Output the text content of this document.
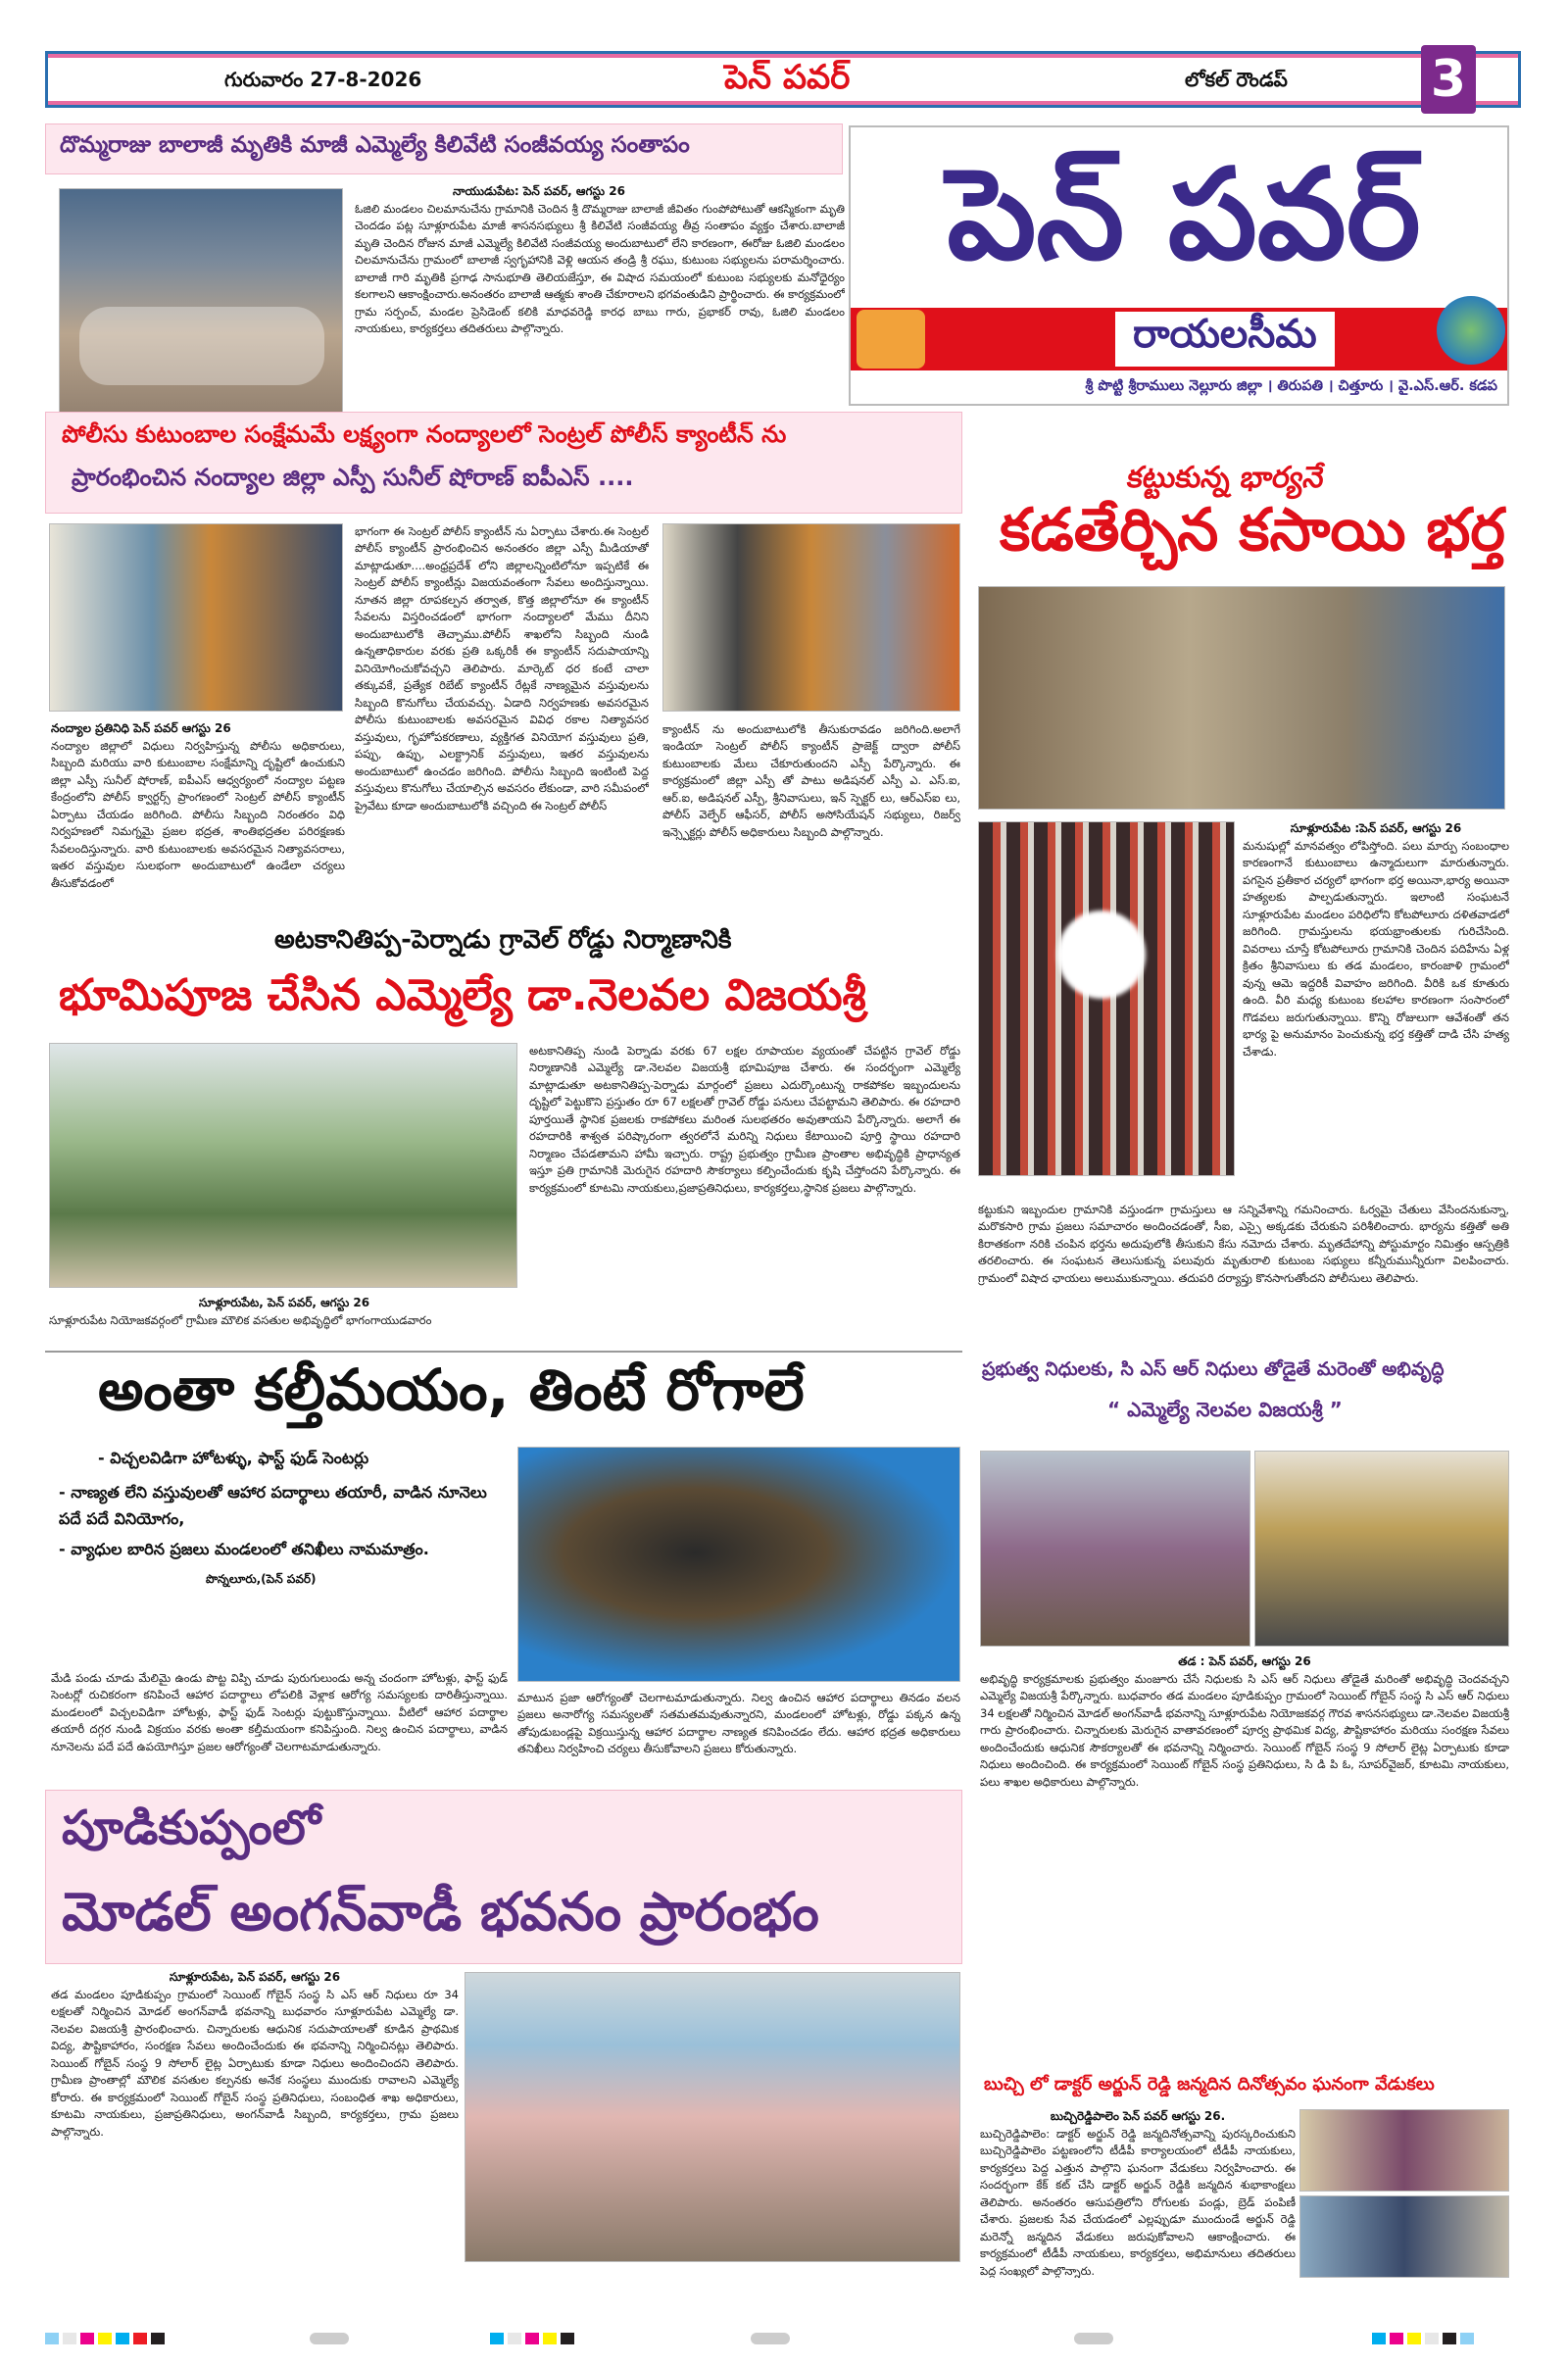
గురువారం 27-8-2026	పెన్ పవర్	లోకల్ రౌండప్	3
దొమ్మరాజు బాలాజీ మృతికి మాజీ ఎమ్మెల్యే కిలివేటి సంజీవయ్య సంతాపం
నాయుడుపేట: పెన్ పవర్, ఆగస్టు 26
ఓజిలి మండలం చిలమానుచేను గ్రామానికి చెందిన శ్రీ దొమ్మరాజు బాలాజీ జీవితం గుంపోపోటుతో ఆకస్మికంగా మృతి చెందడం పట్ల సూళ్లూరుపేట మాజీ శాసనసభ్యులు శ్రీ కిలివేటి సంజీవయ్య తీవ్ర సంతాపం వ్యక్తం చేశారు.బాలాజీ మృతి చెందిన రోజున మాజీ ఎమ్మెల్యే కిలివేటి సంజీవయ్య అందుబాటులో లేని కారణంగా, ఈరోజు ఓజిలి మండలం చిలమానుచేను గ్రామంలో బాలాజీ స్వగృహానికి వెళ్లి ఆయన తండ్రి శ్రీ రఘు, కుటుంబ సభ్యులను పరామర్శించారు. బాలాజీ గారి మృతికి ప్రగాఢ సానుభూతి తెలియజేస్తూ, ఈ విషాద సమయంలో కుటుంబ సభ్యులకు మనోధైర్యం కలగాలని ఆకాంక్షించారు.అనంతరం బాలాజీ ఆత్మకు శాంతి చేకూరాలని భగవంతుడిని ప్రార్థించారు. ఈ కార్యక్రమంలో గ్రామ సర్పంచ్, మండల ప్రెసిడెంట్ కలికి మాధవరెడ్డి కారధ బాబు గారు, ప్రభాకర్ రావు, ఓజిలి మండలం నాయకులు, కార్యకర్తలు తదితరులు పాల్గొన్నారు.
పెన్ పవర్
రాయలసీమ
శ్రీ పొట్టి శ్రీరాములు నెల్లూరు జిల్లా । తిరుపతి । చిత్తూరు । వై.ఎస్.ఆర్. కడప
పోలీసు కుటుంబాల సంక్షేమమే లక్ష్యంగా నంద్యాలలో సెంట్రల్ పోలీస్ క్యాంటీన్ ను
ప్రారంభించిన నంద్యాల జిల్లా ఎస్పీ సునీల్ షోరాణ్ ఐపీఎస్ ....
నంద్యాల ప్రతినిధి పెన్ పవర్ ఆగస్టు 26
నంద్యాల జిల్లాలో విధులు నిర్వహిస్తున్న పోలీసు అధికారులు, సిబ్బంది మరియు వారి కుటుంబాల సంక్షేమాన్ని దృష్టిలో ఉంచుకుని జిల్లా ఎస్పీ సునీల్ షోరాణ్, ఐపీఎస్ ఆధ్వర్యంలో నంద్యాల పట్టణ కేంద్రంలోని పోలీస్ క్వార్టర్స్ ప్రాంగణంలో సెంట్రల్ పోలీస్ క్యాంటీన్ ఏర్పాటు చేయడం జరిగింది. పోలీసు సిబ్బంది నిరంతరం విధి నిర్వహణలో నిమగ్నమై ప్రజల భద్రత, శాంతిభద్రతల పరిరక్షణకు సేవలందిస్తున్నారు. వారి కుటుంబాలకు అవసరమైన నిత్యావసరాలు, ఇతర వస్తువుల సులభంగా అందుబాటులో ఉండేలా చర్యలు తీసుకోవడంలో
భాగంగా ఈ సెంట్రల్ పోలీస్ క్యాంటీన్ ను ఏర్పాటు చేశారు.ఈ సెంట్రల్ పోలీస్ క్యాంటీన్ ప్రారంభించిన అనంతరం జిల్లా ఎస్పీ మీడియాతో మాట్లాడుతూ....అంధ్రప్రదేశ్ లోని జిల్లాలన్నింటిలోనూ ఇప్పటికే ఈ సెంట్రల్ పోలీస్ క్యాంటీన్లు విజయవంతంగా సేవలు అందిస్తున్నాయి. నూతన జిల్లా రూపకల్పన తర్వాత, కొత్త జిల్లాలోనూ ఈ క్యాంటీన్ సేవలను విస్తరించడంలో భాగంగా నంద్యాలలో మేము దీనిని అందుబాటులోకి తెచ్చాము.పోలీస్ శాఖలోని సిబ్బంది నుండి ఉన్నతాధికారుల వరకు ప్రతి ఒక్కరికీ ఈ క్యాంటీన్ సదుపాయాన్ని వినియోగించుకోవచ్చని తెలిపారు. మార్కెట్ ధర కంటే చాలా తక్కువకే, ప్రత్యేక రిబేట్ క్యాంటీన్ రేట్లకే నాణ్యమైన వస్తువులను సిబ్బంది కొనుగోలు చేయవచ్చు. ఏడాది నిర్వహణకు అవసరమైన పోలీసు కుటుంబాలకు అవసరమైన వివిధ రకాల నిత్యావసర వస్తువులు, గృహోపకరణాలు, వ్యక్తిగత వినియోగ వస్తువులు ప్రతి, పప్పు, ఉప్పు, ఎలక్ట్రానిక్ వస్తువులు, ఇతర వస్తువులను అందుబాటులో ఉంచడం జరిగింది. పోలీసు సిబ్బంది ఇంటింటి పెద్ద వస్తువులు కొనుగోలు చేయాల్సిన అవసరం లేకుండా, వారి సమీపంలో ప్రైవేటు కూడా అందుబాటులోకి వచ్చింది ఈ సెంట్రల్ పోలీస్
క్యాంటీన్ ను అందుబాటులోకి తీసుకురావడం జరిగింది.అలాగే ఇండియా సెంట్రల్ పోలీస్ క్యాంటీన్ ప్రాజెక్ట్ ద్వారా పోలీస్ కుటుంబాలకు మేలు చేకూరుతుందని ఎస్పీ పేర్కొన్నారు. ఈ కార్యక్రమంలో జిల్లా ఎస్పీ తో పాటు అడిషనల్ ఎస్పీ ఎ. ఎస్.ఐ, ఆర్.ఐ, అడిషనల్ ఎస్పీ, శ్రీనివాసులు, ఇన్ స్పెక్టర్ లు, ఆర్ఎస్ఐ లు, పోలీస్ వెల్ఫేర్ ఆఫీసర్, పోలీస్ అసోసియేషన్ సభ్యులు, రిజర్వ్ ఇన్స్పెక్టర్లు పోలీస్ అధికారులు సిబ్బంది పాల్గొన్నారు.
కట్టుకున్న భార్యనే
కడతేర్చిన కసాయి భర్త
సూళ్లూరుపేట :పెన్ పవర్, ఆగస్టు 26
మనుషుల్లో మానవత్వం లోపిస్తోంది. పలు మార్పు సంబంధాల కారణంగానే కుటుంబాలు ఉన్మాదులుగా మారుతున్నారు. పగసైన ప్రతీకార చర్యలో భాగంగా భర్త అయినా,భార్య అయినా హత్యలకు పాల్పడుతున్నారు. ఇలాంటి సంఘటనే సూళ్లూరుపేట మండలం పరిధిలోని కోటపోలూరు దళితవాడలో జరిగింది. గ్రామస్తులను భయభ్రాంతులకు గురిచేసింది. వివరాలు చూస్తే కోటపోలూరు గ్రామానికి చెందిన పదిహేను ఏళ్ల క్రితం శ్రీనివాసులు కు తడ మండలం, కారంజాళి గ్రామంలో వున్న ఆమె ఇద్దరికీ వివాహం జరిగింది. వీరికి ఒక కూతురు ఉంది. వీరి మధ్య కుటుంబ కలహాల కారణంగా సంసారంలో గొడవలు జరుగుతున్నాయి. కొన్ని రోజులుగా ఆవేశంతో తన భార్య పై అనుమానం పెంచుకున్న భర్త కత్తితో దాడి చేసి హత్య చేశాడు.
కట్టుకుని ఇబ్బందుల గ్రామానికి వస్తుండగా గ్రామస్తులు ఆ సన్నివేశాన్ని గమనించారు. ఓర్వమై చేతులు వేసిందనుకున్నా, మరొకసారి గ్రామ ప్రజలు సమాచారం అందించడంతో, సీఐ, ఎస్సై అక్కడకు చేరుకుని పరిశీలించారు. భార్యను కత్తితో అతి కిరాతకంగా నరికి చంపిన భర్తను అదుపులోకి తీసుకుని కేసు నమోదు చేశారు. మృతదేహాన్ని పోస్టుమార్టం నిమిత్తం ఆస్పత్రికి తరలించారు. ఈ సంఘటన తెలుసుకున్న పలువురు మృతురాలి కుటుంబ సభ్యులు కన్నీరుమున్నీరుగా విలపించారు. గ్రామంలో విషాద ఛాయలు అలుముకున్నాయి. తదుపరి దర్యాప్తు కొనసాగుతోందని పోలీసులు తెలిపారు.
అటకానితిప్ప-పెర్నాడు గ్రావెల్ రోడ్డు నిర్మాణానికి
భూమిపూజ చేసిన ఎమ్మెల్యే డా.నెలవల విజయశ్రీ
సూళ్లూరుపేట, పెన్ పవర్, ఆగస్టు 26
సూళ్లూరుపేట నియోజకవర్గంలో గ్రామీణ మౌలిక వసతుల అభివృద్ధిలో భాగంగాయుడవారం
అటకానితిప్ప నుండి పెర్నాడు వరకు 67 లక్షల రూపాయల వ్యయంతో చేపట్టిన గ్రావెల్ రోడ్డు నిర్మాణానికి ఎమ్మెల్యే డా.నెలవల విజయశ్రీ భూమిపూజ చేశారు. ఈ సందర్భంగా ఎమ్మెల్యే మాట్లాడుతూ అటకానితిప్ప-పెర్నాడు మార్గంలో ప్రజలు ఎదుర్కొంటున్న రాకపోకల ఇబ్బందులను దృష్టిలో పెట్టుకొని ప్రస్తుతం రూ 67 లక్షలతో గ్రావెల్ రోడ్డు పనులు చేపట్టామని తెలిపారు. ఈ రహదారి పూర్తయితే స్థానిక ప్రజలకు రాకపోకలు మరింత సులభతరం అవుతాయని పేర్కొన్నారు. అలాగే ఈ రహదారికి శాశ్వత పరిష్కారంగా త్వరలోనే మరిన్ని నిధులు కేటాయించి పూర్తి స్థాయి రహదారి నిర్మాణం చేపడతామని హామీ ఇచ్చారు. రాష్ట్ర ప్రభుత్వం గ్రామీణ ప్రాంతాల అభివృద్ధికి ప్రాధాన్యత ఇస్తూ ప్రతి గ్రామానికి మెరుగైన రహదారి సౌకర్యాలు కల్పించేందుకు కృషి చేస్తోందని పేర్కొన్నారు. ఈ కార్యక్రమంలో కూటమి నాయకులు,ప్రజాప్రతినిధులు, కార్యకర్తలు,స్థానిక ప్రజలు పాల్గొన్నారు.
అంతా కల్తీమయం, తింటే రోగాలే
- విచ్చలవిడిగా హోటళ్ళు, ఫాస్ట్ ఫుడ్ సెంటర్లు
- నాణ్యత లేని వస్తువులతో ఆహార పదార్థాలు తయారీ, వాడిన నూనెలు పదే పదే వినియోగం,
- వ్యాధుల బారిన ప్రజలు మండలంలో తనిఖీలు నామమాత్రం.
పొన్నలూరు,(పెన్ పవర్)
మేడి పండు చూడు మేలిమై ఉండు పొట్ట విప్పి చూడు పురుగులుండు అన్న చందంగా హోటళ్లు, ఫాస్ట్ ఫుడ్ సెంటర్లో రుచికరంగా కనిపించే ఆహార పదార్థాలు లోపలికి వెళ్లాక ఆరోగ్య సమస్యలకు దారితీస్తున్నాయి. మండలంలో విచ్చలవిడిగా హోటళ్లు, ఫాస్ట్ ఫుడ్ సెంటర్లు పుట్టుకొస్తున్నాయి. వీటిలో ఆహార పదార్థాల తయారీ దగ్గర నుండి విక్రయం వరకు అంతా కల్తీమయంగా కనిపిస్తుంది. నిల్వ ఉంచిన పదార్థాలు, వాడిన నూనెలను పదే పదే ఉపయోగిస్తూ ప్రజల ఆరోగ్యంతో చెలగాటమాడుతున్నారు.
మాటున ప్రజా ఆరోగ్యంతో చెలగాటమాడుతున్నారు. నిల్వ ఉంచిన ఆహార పదార్థాలు తినడం వలన ప్రజలు అనారోగ్య సమస్యలతో సతమతమవుతున్నారని, మండలంలో హోటళ్లు, రోడ్డు పక్కన ఉన్న తోపుడుబండ్లపై విక్రయిస్తున్న ఆహార పదార్థాల నాణ్యత కనిపించడం లేదు. ఆహార భద్రత అధికారులు తనిఖీలు నిర్వహించి చర్యలు తీసుకోవాలని ప్రజలు కోరుతున్నారు.
పూడికుప్పంలో
మోడల్ అంగన్‌వాడీ భవనం ప్రారంభం
సూళ్లూరుపేట, పెన్ పవర్, ఆగస్టు 26
తడ మండలం పూడికుప్పం గ్రామంలో సెయింట్ గోబైన్ సంస్థ సి ఎస్ ఆర్ నిధులు రూ 34 లక్షలతో నిర్మించిన మోడల్ అంగన్‌వాడీ భవనాన్ని బుధవారం సూళ్లూరుపేట ఎమ్మెల్యే డా. నెలవల విజయశ్రీ ప్రారంభించారు. చిన్నారులకు ఆధునిక సదుపాయాలతో కూడిన ప్రాథమిక విద్య, పౌష్టికాహారం, సంరక్షణ సేవలు అందించేందుకు ఈ భవనాన్ని నిర్మించినట్లు తెలిపారు. సెయింట్ గోబైన్ సంస్థ 9 సోలార్ లైట్ల ఏర్పాటుకు కూడా నిధులు అందించిందని తెలిపారు. గ్రామీణ ప్రాంతాల్లో మౌలిక వసతుల కల్పనకు అనేక సంస్థలు ముందుకు రావాలని ఎమ్మెల్యే కోరారు. ఈ కార్యక్రమంలో సెయింట్ గోబైన్ సంస్థ ప్రతినిధులు, సంబంధిత శాఖ అధికారులు, కూటమి నాయకులు, ప్రజాప్రతినిధులు, అంగన్‌వాడీ సిబ్బంది, కార్యకర్తలు, గ్రామ ప్రజలు పాల్గొన్నారు.
ప్రభుత్వ నిధులకు, సి ఎస్ ఆర్ నిధులు తోడైతే మరెంతో అభివృద్ధి
“ ఎమ్మెల్యే నెలవల విజయశ్రీ ”
తడ : పెన్ పవర్, ఆగస్టు 26
అభివృద్ధి కార్యక్రమాలకు ప్రభుత్వం మంజూరు చేసే నిధులకు సి ఎస్ ఆర్ నిధులు తోడైతే మరింతో అభివృద్ధి చెందవచ్చని ఎమ్మెల్యే విజయశ్రీ పేర్కొన్నారు. బుధవారం తడ మండలం పూడికుప్పం గ్రామంలో సెయింట్ గోబైన్ సంస్థ సి ఎస్ ఆర్ నిధులు 34 లక్షలతో నిర్మించిన మోడల్ అంగన్‌వాడీ భవనాన్ని సూళ్లూరుపేట నియోజకవర్గ గౌరవ శాసనసభ్యులు డా.నెలవల విజయశ్రీ గారు ప్రారంభించారు. చిన్నారులకు మెరుగైన వాతావరణంలో పూర్వ ప్రాథమిక విద్య, పౌష్టికాహారం మరియు సంరక్షణ సేవలు అందించేందుకు ఆధునిక సౌకర్యాలతో ఈ భవనాన్ని నిర్మించారు. సెయింట్ గోబైన్ సంస్థ 9 సోలార్ లైట్ల ఏర్పాటుకు కూడా నిధులు అందించింది. ఈ కార్యక్రమంలో సెయింట్ గోబైన్ సంస్థ ప్రతినిధులు, సి డి పి ఓ, సూపర్‌వైజర్, కూటమి నాయకులు, పలు శాఖల అధికారులు పాల్గొన్నారు.
బుచ్చి లో డాక్టర్ అర్జున్ రెడ్డి జన్మదిన దినోత్సవం ఘనంగా వేడుకలు
బుచ్చిరెడ్డిపాలెం పెన్ పవర్ ఆగస్టు 26.
బుచ్చిరెడ్డిపాలెం: డాక్టర్ అర్జున్ రెడ్డి జన్మదినోత్సవాన్ని పురస్కరించుకుని బుచ్చిరెడ్డిపాలెం పట్టణంలోని టీడీపీ కార్యాలయంలో టీడీపీ నాయకులు, కార్యకర్తలు పెద్ద ఎత్తున పాల్గొని ఘనంగా వేడుకలు నిర్వహించారు. ఈ సందర్భంగా కేక్ కట్ చేసి డాక్టర్ అర్జున్ రెడ్డికి జన్మదిన శుభాకాంక్షలు తెలిపారు. అనంతరం ఆసుపత్రిలోని రోగులకు పండ్లు, బ్రెడ్ పంపిణీ చేశారు. ప్రజలకు సేవ చేయడంలో ఎల్లప్పుడూ ముందుండే అర్జున్ రెడ్డి మరెన్నో జన్మదిన వేడుకలు జరుపుకోవాలని ఆకాంక్షించారు. ఈ కార్యక్రమంలో టీడీపీ నాయకులు, కార్యకర్తలు, అభిమానులు తదితరులు పెద్ద సంఖ్యలో పాల్గొన్నారు.
